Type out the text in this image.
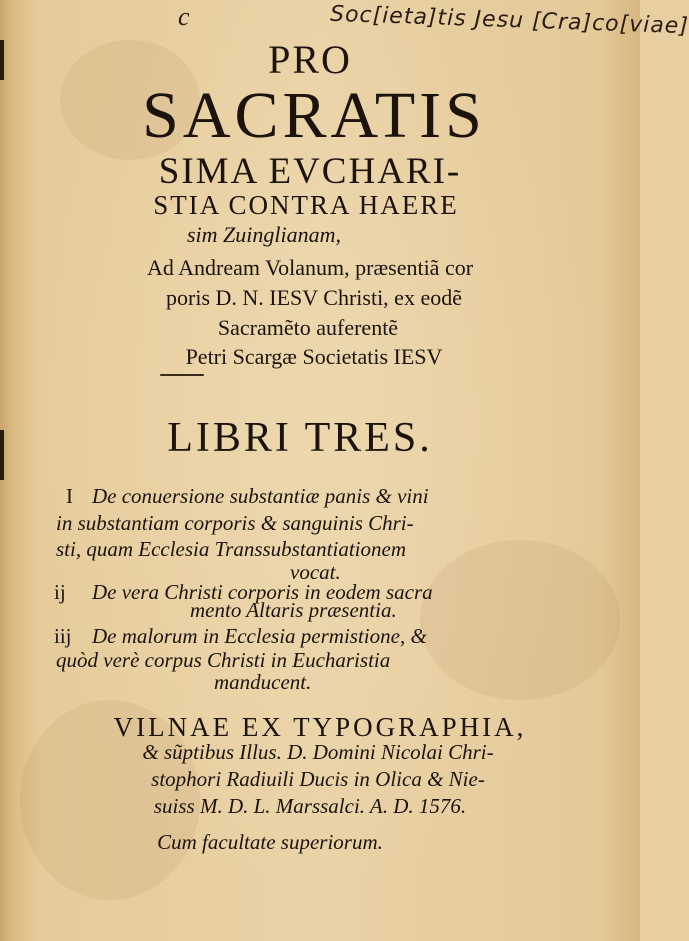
c	Soc[ieta]tis Jesu [Cra]co[viae]
PRO
SACRATIS
SIMA EVCHARI-
STIA CONTRA HAERE
sim Zuinglianam,
Ad Andream Volanum, præsentiã cor
poris D. N. IESV Christi, ex eodẽ
Sacramẽto auferentẽ
Petri Scargæ Societatis IESV
LIBRI TRES.
I De conuersione substantiæ panis & vini
in substantiam corporis & sanguinis Chri-
sti, quam Ecclesia Transsubstantiationem
vocat.
ij De vera Christi corporis in eodem sacra
mento Altaris præsentia.
iij De malorum in Ecclesia permistione, &
quòd verè corpus Christi in Eucharistia
manducent.
VILNAE EX TYPOGRAPHIA,
& sũptibus Illus. D. Domini Nicolai Chri-
stophori Radiuili Ducis in Olica & Nie-
suiss M. D. L. Marssalci. A. D. 1576.
Cum facultate superiorum.
